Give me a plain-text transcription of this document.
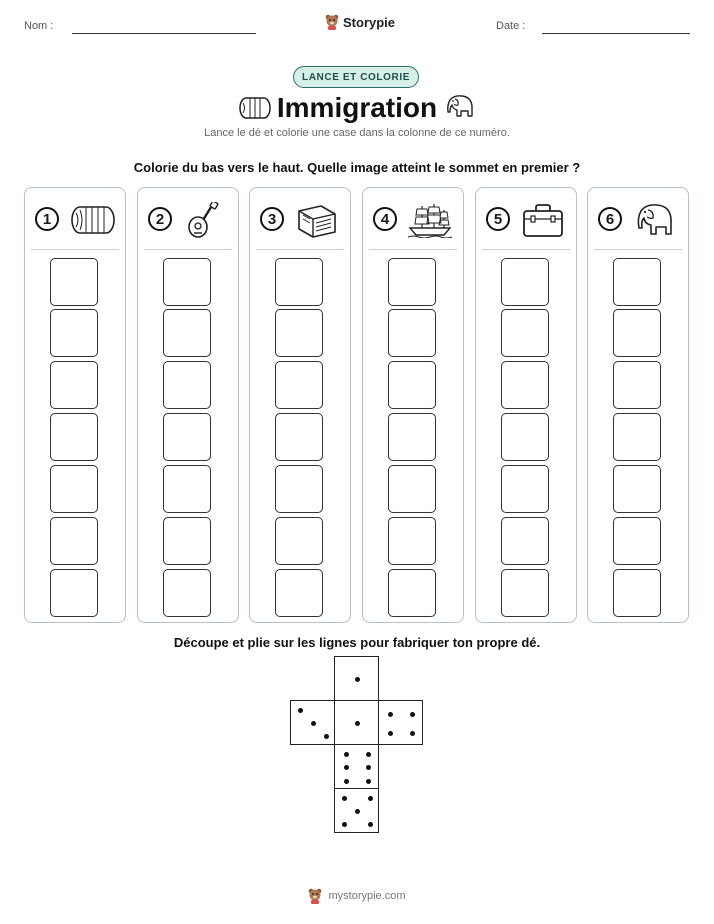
Nom :	Storypie	Date :
LANCE ET COLORIE
Immigration
Lance le dé et colorie une case dans la colonne de ce numéro.
Colorie du bas vers le haut. Quelle image atteint le sommet en premier ?
1	2	3	4	5	6
Découpe et plie sur les lignes pour fabriquer ton propre dé.
mystorypie.com
